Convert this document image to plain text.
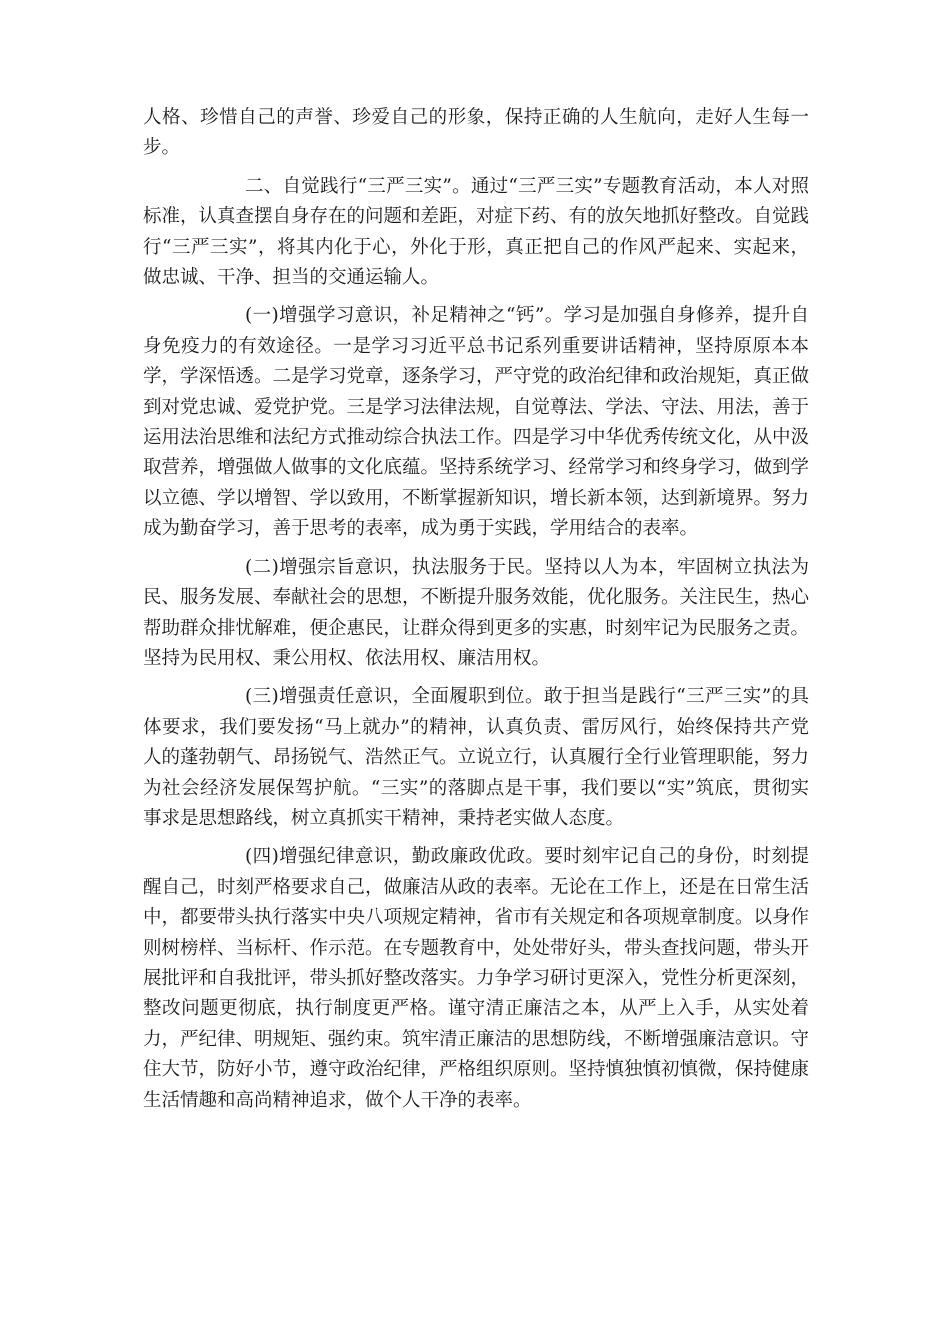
人格、珍惜自己的声誉、珍爱自己的形象，保持正确的人生航向，走好人生每一步。

二、自觉践行“三严三实”。通过“三严三实”专题教育活动，本人对照标准，认真查摆自身存在的问题和差距，对症下药、有的放矢地抓好整改。自觉践行“三严三实”，将其内化于心，外化于形，真正把自己的作风严起来、实起来，做忠诚、干净、担当的交通运输人。

(一)增强学习意识，补足精神之“钙”。学习是加强自身修养，提升自身免疫力的有效途径。一是学习习近平总书记系列重要讲话精神，坚持原原本本学，学深悟透。二是学习党章，逐条学习，严守党的政治纪律和政治规矩，真正做到对党忠诚、爱党护党。三是学习法律法规，自觉尊法、学法、守法、用法，善于运用法治思维和法纪方式推动综合执法工作。四是学习中华优秀传统文化，从中汲取营养，增强做人做事的文化底蕴。坚持系统学习、经常学习和终身学习，做到学以立德、学以增智、学以致用，不断掌握新知识，增长新本领，达到新境界。努力成为勤奋学习，善于思考的表率，成为勇于实践，学用结合的表率。

(二)增强宗旨意识，执法服务于民。坚持以人为本，牢固树立执法为民、服务发展、奉献社会的思想，不断提升服务效能，优化服务。关注民生，热心帮助群众排忧解难，便企惠民，让群众得到更多的实惠，时刻牢记为民服务之责。坚持为民用权、秉公用权、依法用权、廉洁用权。

(三)增强责任意识，全面履职到位。敢于担当是践行“三严三实”的具体要求，我们要发扬“马上就办”的精神，认真负责、雷厉风行，始终保持共产党人的蓬勃朝气、昂扬锐气、浩然正气。立说立行，认真履行全行业管理职能，努力为社会经济发展保驾护航。“三实”的落脚点是干事，我们要以“实”筑底，贯彻实事求是思想路线，树立真抓实干精神，秉持老实做人态度。

(四)增强纪律意识，勤政廉政优政。要时刻牢记自己的身份，时刻提醒自己，时刻严格要求自己，做廉洁从政的表率。无论在工作上，还是在日常生活中，都要带头执行落实中央八项规定精神，省市有关规定和各项规章制度。以身作则树榜样、当标杆、作示范。在专题教育中，处处带好头，带头查找问题，带头开展批评和自我批评，带头抓好整改落实。力争学习研讨更深入，党性分析更深刻，整改问题更彻底，执行制度更严格。谨守清正廉洁之本，从严上入手，从实处着力，严纪律、明规矩、强约束。筑牢清正廉洁的思想防线，不断增强廉洁意识。守住大节，防好小节，遵守政治纪律，严格组织原则。坚持慎独慎初慎微，保持健康生活情趣和高尚精神追求，做个人干净的表率。
